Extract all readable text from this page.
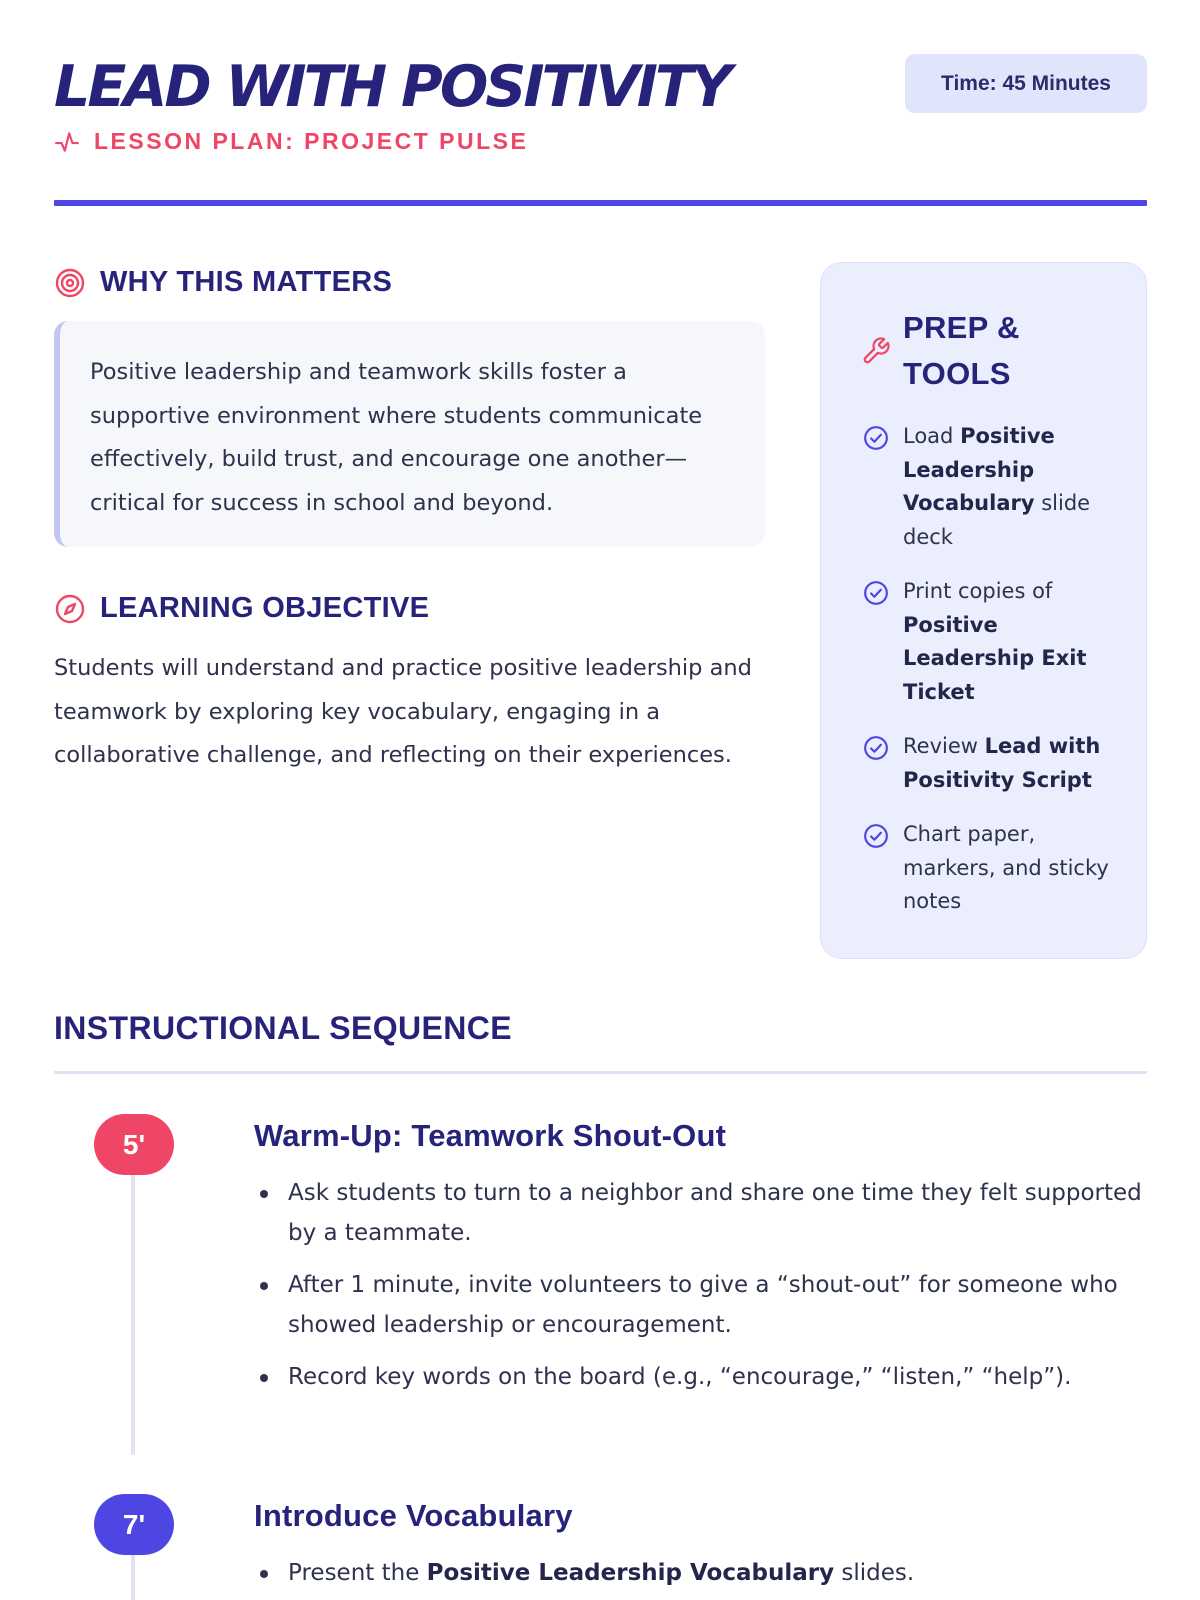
LEAD WITH POSITIVITY
LESSON PLAN: PROJECT PULSE
Time: 45 Minutes
WHY THIS MATTERS

Positive leadership and teamwork skills foster a supportive environment where students communicate effectively, build trust, and encourage one another—critical for success in school and beyond.

LEARNING OBJECTIVE

Students will understand and practice positive leadership and teamwork by exploring key vocabulary, engaging in a collaborative challenge, and reflecting on their experiences.

PREP &
TOOLS
Load Positive Leadership Vocabulary slide deck
Print copies of Positive Leadership Exit Ticket
Review Lead with Positivity Script
Chart paper, markers, and sticky notes
INSTRUCTIONAL SEQUENCE
5'	Warm-Up: Teamwork Shout-Out
Ask students to turn to a neighbor and share one time they felt supported by a teammate.
After 1 minute, invite volunteers to give a “shout-out” for someone who showed leadership or encouragement.
Record key words on the board (e.g., “encourage,” “listen,” “help”).
7'	Introduce Vocabulary
Present the Positive Leadership Vocabulary slides.
